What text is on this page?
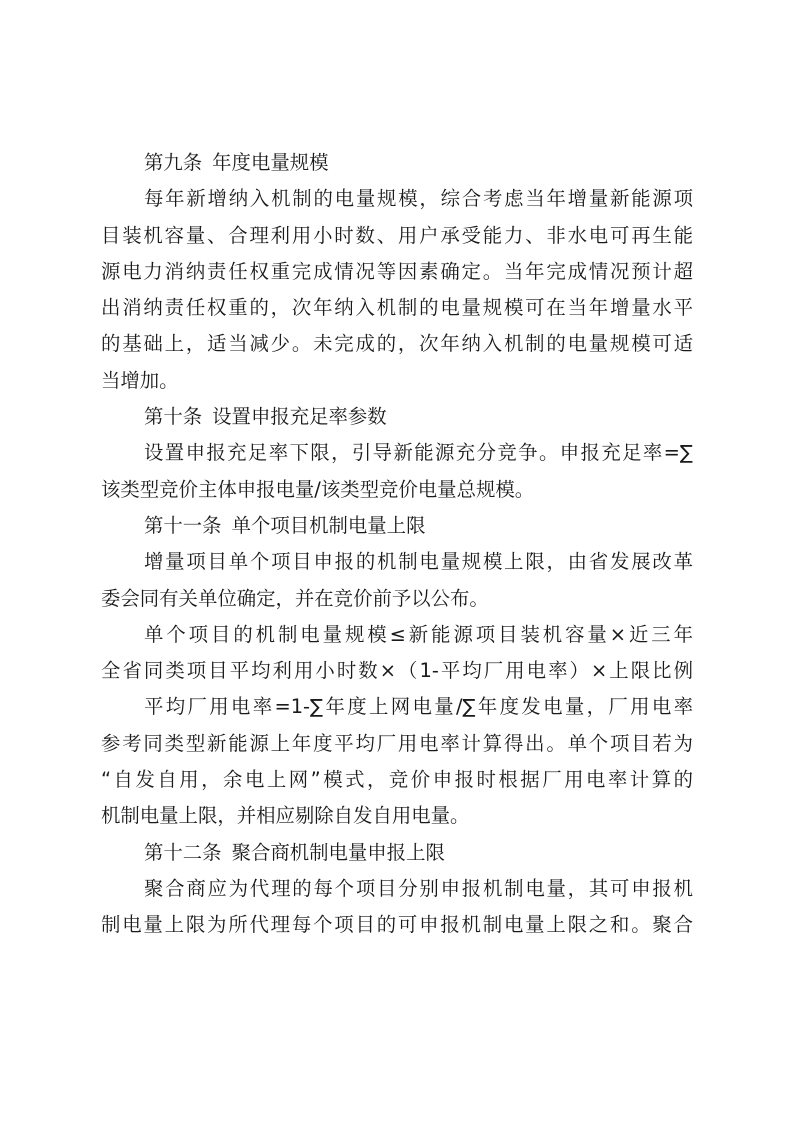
第九条 年度电量规模
每年新增纳入机制的电量规模，综合考虑当年增量新能源项
目装机容量、合理利用小时数、用户承受能力、非水电可再生能
源电力消纳责任权重完成情况等因素确定。当年完成情况预计超
出消纳责任权重的，次年纳入机制的电量规模可在当年增量水平
的基础上，适当减少。未完成的，次年纳入机制的电量规模可适
当增加。
第十条 设置申报充足率参数
设置申报充足率下限，引导新能源充分竞争。申报充足率=∑
该类型竞价主体申报电量/该类型竞价电量总规模。
第十一条 单个项目机制电量上限
增量项目单个项目申报的机制电量规模上限，由省发展改革
委会同有关单位确定，并在竞价前予以公布。
单个项目的机制电量规模≤新能源项目装机容量×近三年
全省同类项目平均利用小时数×（1-平均厂用电率）×上限比例
平均厂用电率=1-∑年度上网电量/∑年度发电量，厂用电率
参考同类型新能源上年度平均厂用电率计算得出。单个项目若为
“自发自用，余电上网”模式，竞价申报时根据厂用电率计算的
机制电量上限，并相应剔除自发自用电量。
第十二条 聚合商机制电量申报上限
聚合商应为代理的每个项目分别申报机制电量，其可申报机
制电量上限为所代理每个项目的可申报机制电量上限之和。聚合
